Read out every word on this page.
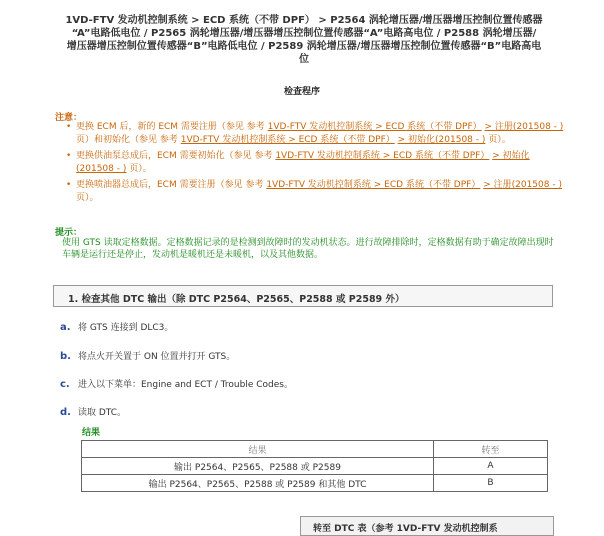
1VD-FTV 发动机控制系统 > ECD 系统（不带 DPF） > P2564 涡轮增压器/增压器增压控制位置传感器
“A”电路低电位 / P2565 涡轮增压器/增压器增压控制位置传感器“A”电路高电位 / P2588 涡轮增压器/
增压器增压控制位置传感器“B”电路低电位 / P2589 涡轮增压器/增压器增压控制位置传感器“B”电路高电
位
检查程序
注意：
• 更换 ECM 后，新的 ECM 需要注册（参见 参考 1VD-FTV 发动机控制系统 > ECD 系统（不带 DPF） > 注册(201508 - ) 页）和初始化（参见 参考 1VD-FTV 发动机控制系统 > ECD 系统（不带 DPF） > 初始化(201508 - ) 页）。
• 更换供油泵总成后，ECM 需要初始化（参见 参考 1VD-FTV 发动机控制系统 > ECD 系统（不带 DPF） > 初始化(201508 - ) 页）。
• 更换喷油器总成后，ECM 需要注册（参见 参考 1VD-FTV 发动机控制系统 > ECD 系统（不带 DPF） > 注册(201508 - ) 页）。
提示：
使用 GTS 读取定格数据。定格数据记录的是检测到故障时的发动机状态。进行故障排除时，定格数据有助于确定故障出现时车辆是运行还是停止，发动机是暖机还是未暖机，以及其他数据。
1. 检查其他 DTC 输出（除 DTC P2564、P2565、P2588 或 P2589 外）
a. 将 GTS 连接到 DLC3。
b. 将点火开关置于 ON 位置并打开 GTS。
c. 进入以下菜单：Engine and ECT / Trouble Codes。
d. 读取 DTC。
结果
结果	转至
输出 P2564、P2565、P2588 或 P2589	A
输出 P2564、P2565、P2588 或 P2589 和其他 DTC	B
转至 DTC 表（参考 1VD-FTV 发动机控制系
